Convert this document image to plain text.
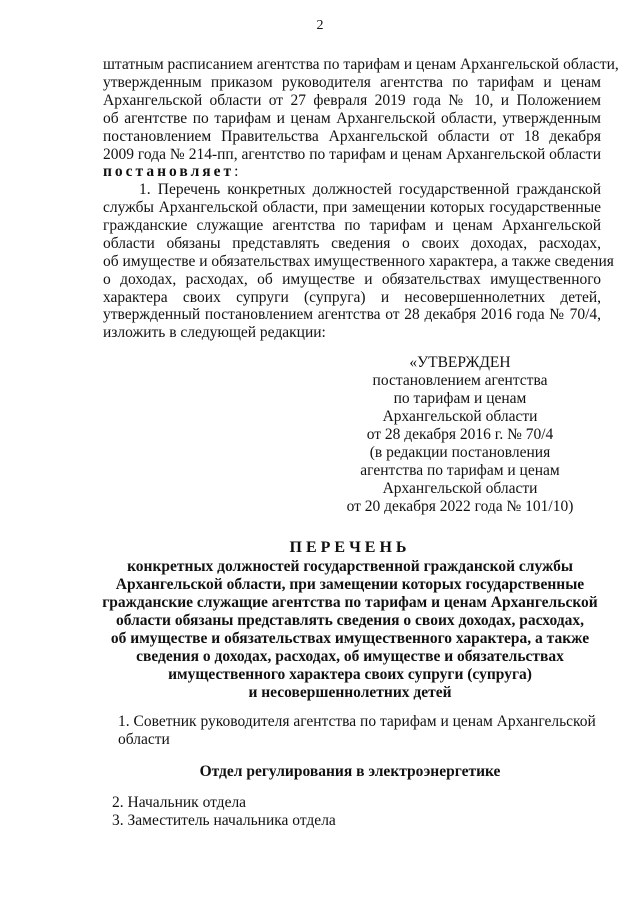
2
штатным расписанием агентства по тарифам и ценам Архангельской области,
утвержденным приказом руководителя агентства по тарифам и ценам
Архангельской области от 27 февраля 2019 года № 10, и Положением
об агентстве по тарифам и ценам Архангельской области, утвержденным
постановлением Правительства Архангельской области от 18 декабря
2009 года № 214-пп, агентство по тарифам и ценам Архангельской области
постановляет:
1. Перечень конкретных должностей государственной гражданской
службы Архангельской области, при замещении которых государственные
гражданские служащие агентства по тарифам и ценам Архангельской
области обязаны представлять сведения о своих доходах, расходах,
об имуществе и обязательствах имущественного характера, а также сведения
о доходах, расходах, об имуществе и обязательствах имущественного
характера своих супруги (супруга) и несовершеннолетних детей,
утвержденный постановлением агентства от 28 декабря 2016 года № 70/4,
изложить в следующей редакции:
«УТВЕРЖДЕН
постановлением агентства
по тарифам и ценам
Архангельской области
от 28 декабря 2016 г. № 70/4
(в редакции постановления
агентства по тарифам и ценам
Архангельской области
от 20 декабря 2022 года № 101/10)
ПЕРЕЧЕНЬ
конкретных должностей государственной гражданской службы
Архангельской области, при замещении которых государственные
гражданские служащие агентства по тарифам и ценам Архангельской
области обязаны представлять сведения о своих доходах, расходах,
об имуществе и обязательствах имущественного характера, а также
сведения о доходах, расходах, об имуществе и обязательствах
имущественного характера своих супруги (супруга)
и несовершеннолетних детей
1. Советник руководителя агентства по тарифам и ценам Архангельской
области
Отдел регулирования в электроэнергетике
2. Начальник отдела
3. Заместитель начальника отдела
